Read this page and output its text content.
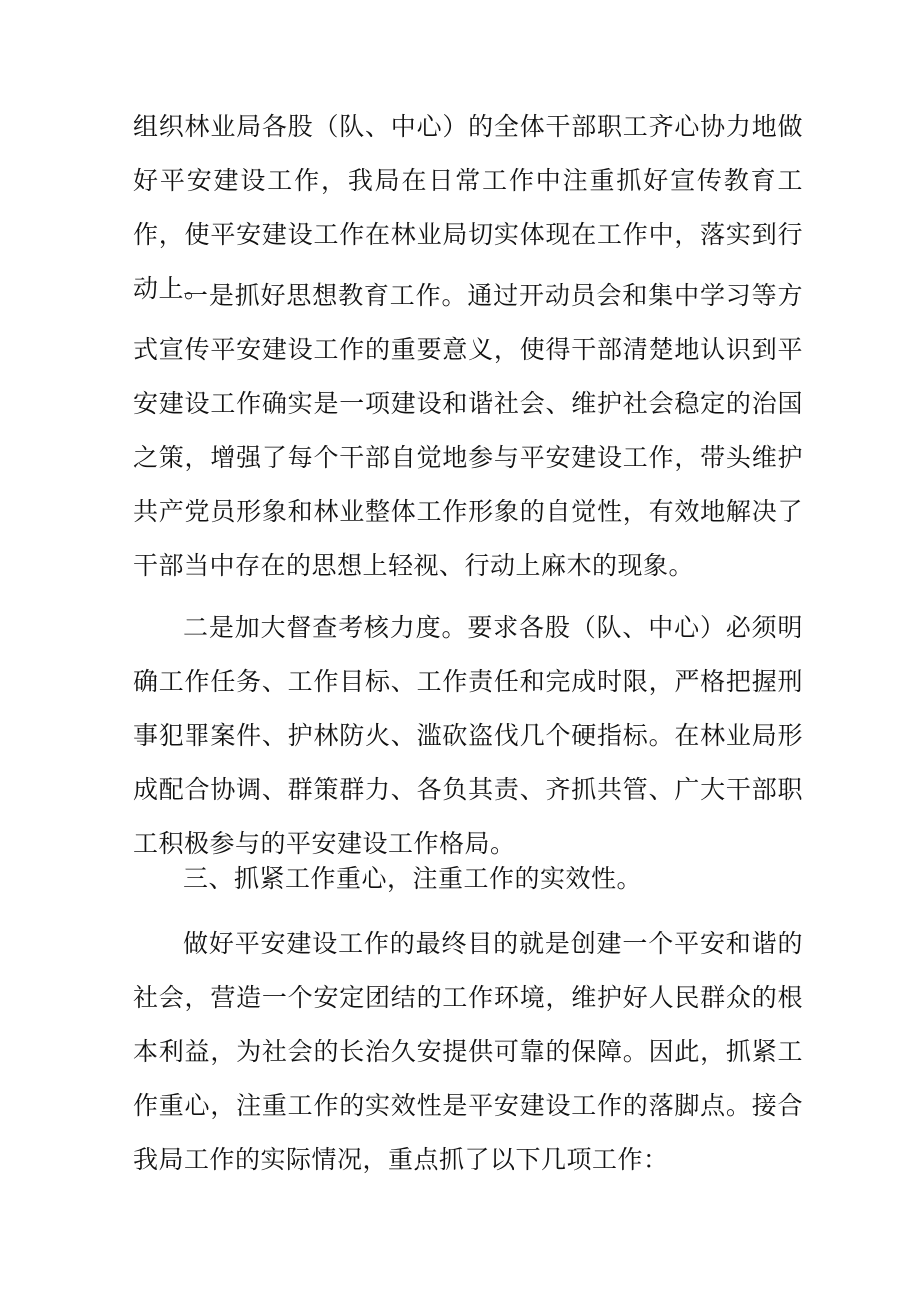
组织林业局各股（队、中心）的全体干部职工齐心协力地做好平安建设工作，我局在日常工作中注重抓好宣传教育工作，使平安建设工作在林业局切实体现在工作中，落实到行动上。

一是抓好思想教育工作。通过开动员会和集中学习等方式宣传平安建设工作的重要意义，使得干部清楚地认识到平安建设工作确实是一项建设和谐社会、维护社会稳定的治国之策，增强了每个干部自觉地参与平安建设工作，带头维护共产党员形象和林业整体工作形象的自觉性，有效地解决了干部当中存在的思想上轻视、行动上麻木的现象。

二是加大督查考核力度。要求各股（队、中心）必须明确工作任务、工作目标、工作责任和完成时限，严格把握刑事犯罪案件、护林防火、滥砍盗伐几个硬指标。在林业局形成配合协调、群策群力、各负其责、齐抓共管、广大干部职工积极参与的平安建设工作格局。

三、抓紧工作重心，注重工作的实效性。

做好平安建设工作的最终目的就是创建一个平安和谐的社会，营造一个安定团结的工作环境，维护好人民群众的根本利益，为社会的长治久安提供可靠的保障。因此，抓紧工作重心，注重工作的实效性是平安建设工作的落脚点。接合我局工作的实际情况，重点抓了以下几项工作：
